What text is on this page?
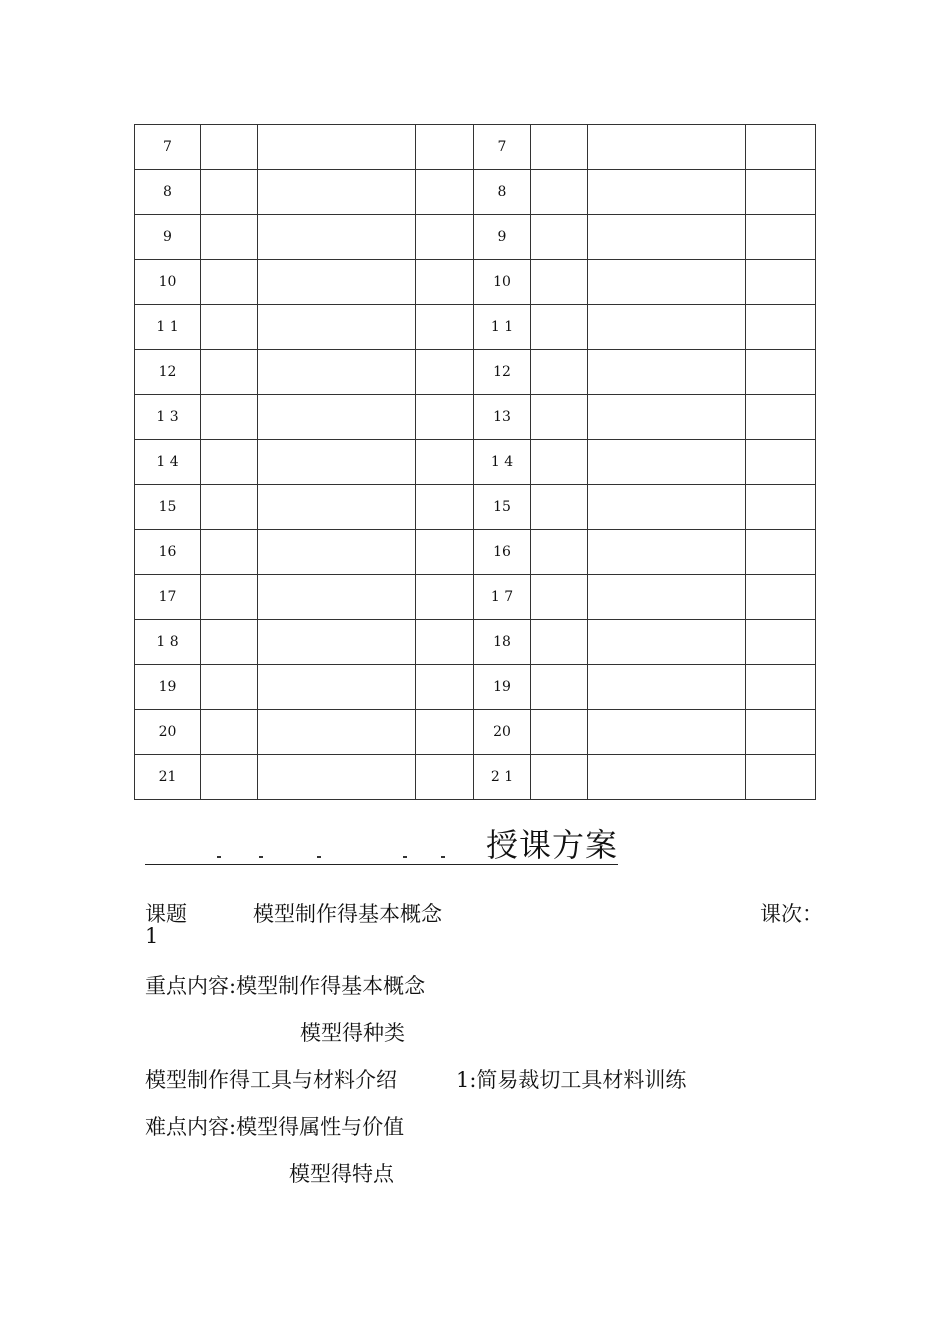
7				7			
8				8			
9				9			
10				10			
1 1				1 1			
12				12			
1 3				13			
1 4				1 4			
15				15			
16				16			
17				1 7			
1 8				18			
19				19			
20				20			
21				2 1			
授课方案
课题	模型制作得基本概念	课次：
1
重点内容:模型制作得基本概念
模型得种类
模型制作得工具与材料介绍	1:简易裁切工具材料训练
难点内容:模型得属性与价值
模型得特点
